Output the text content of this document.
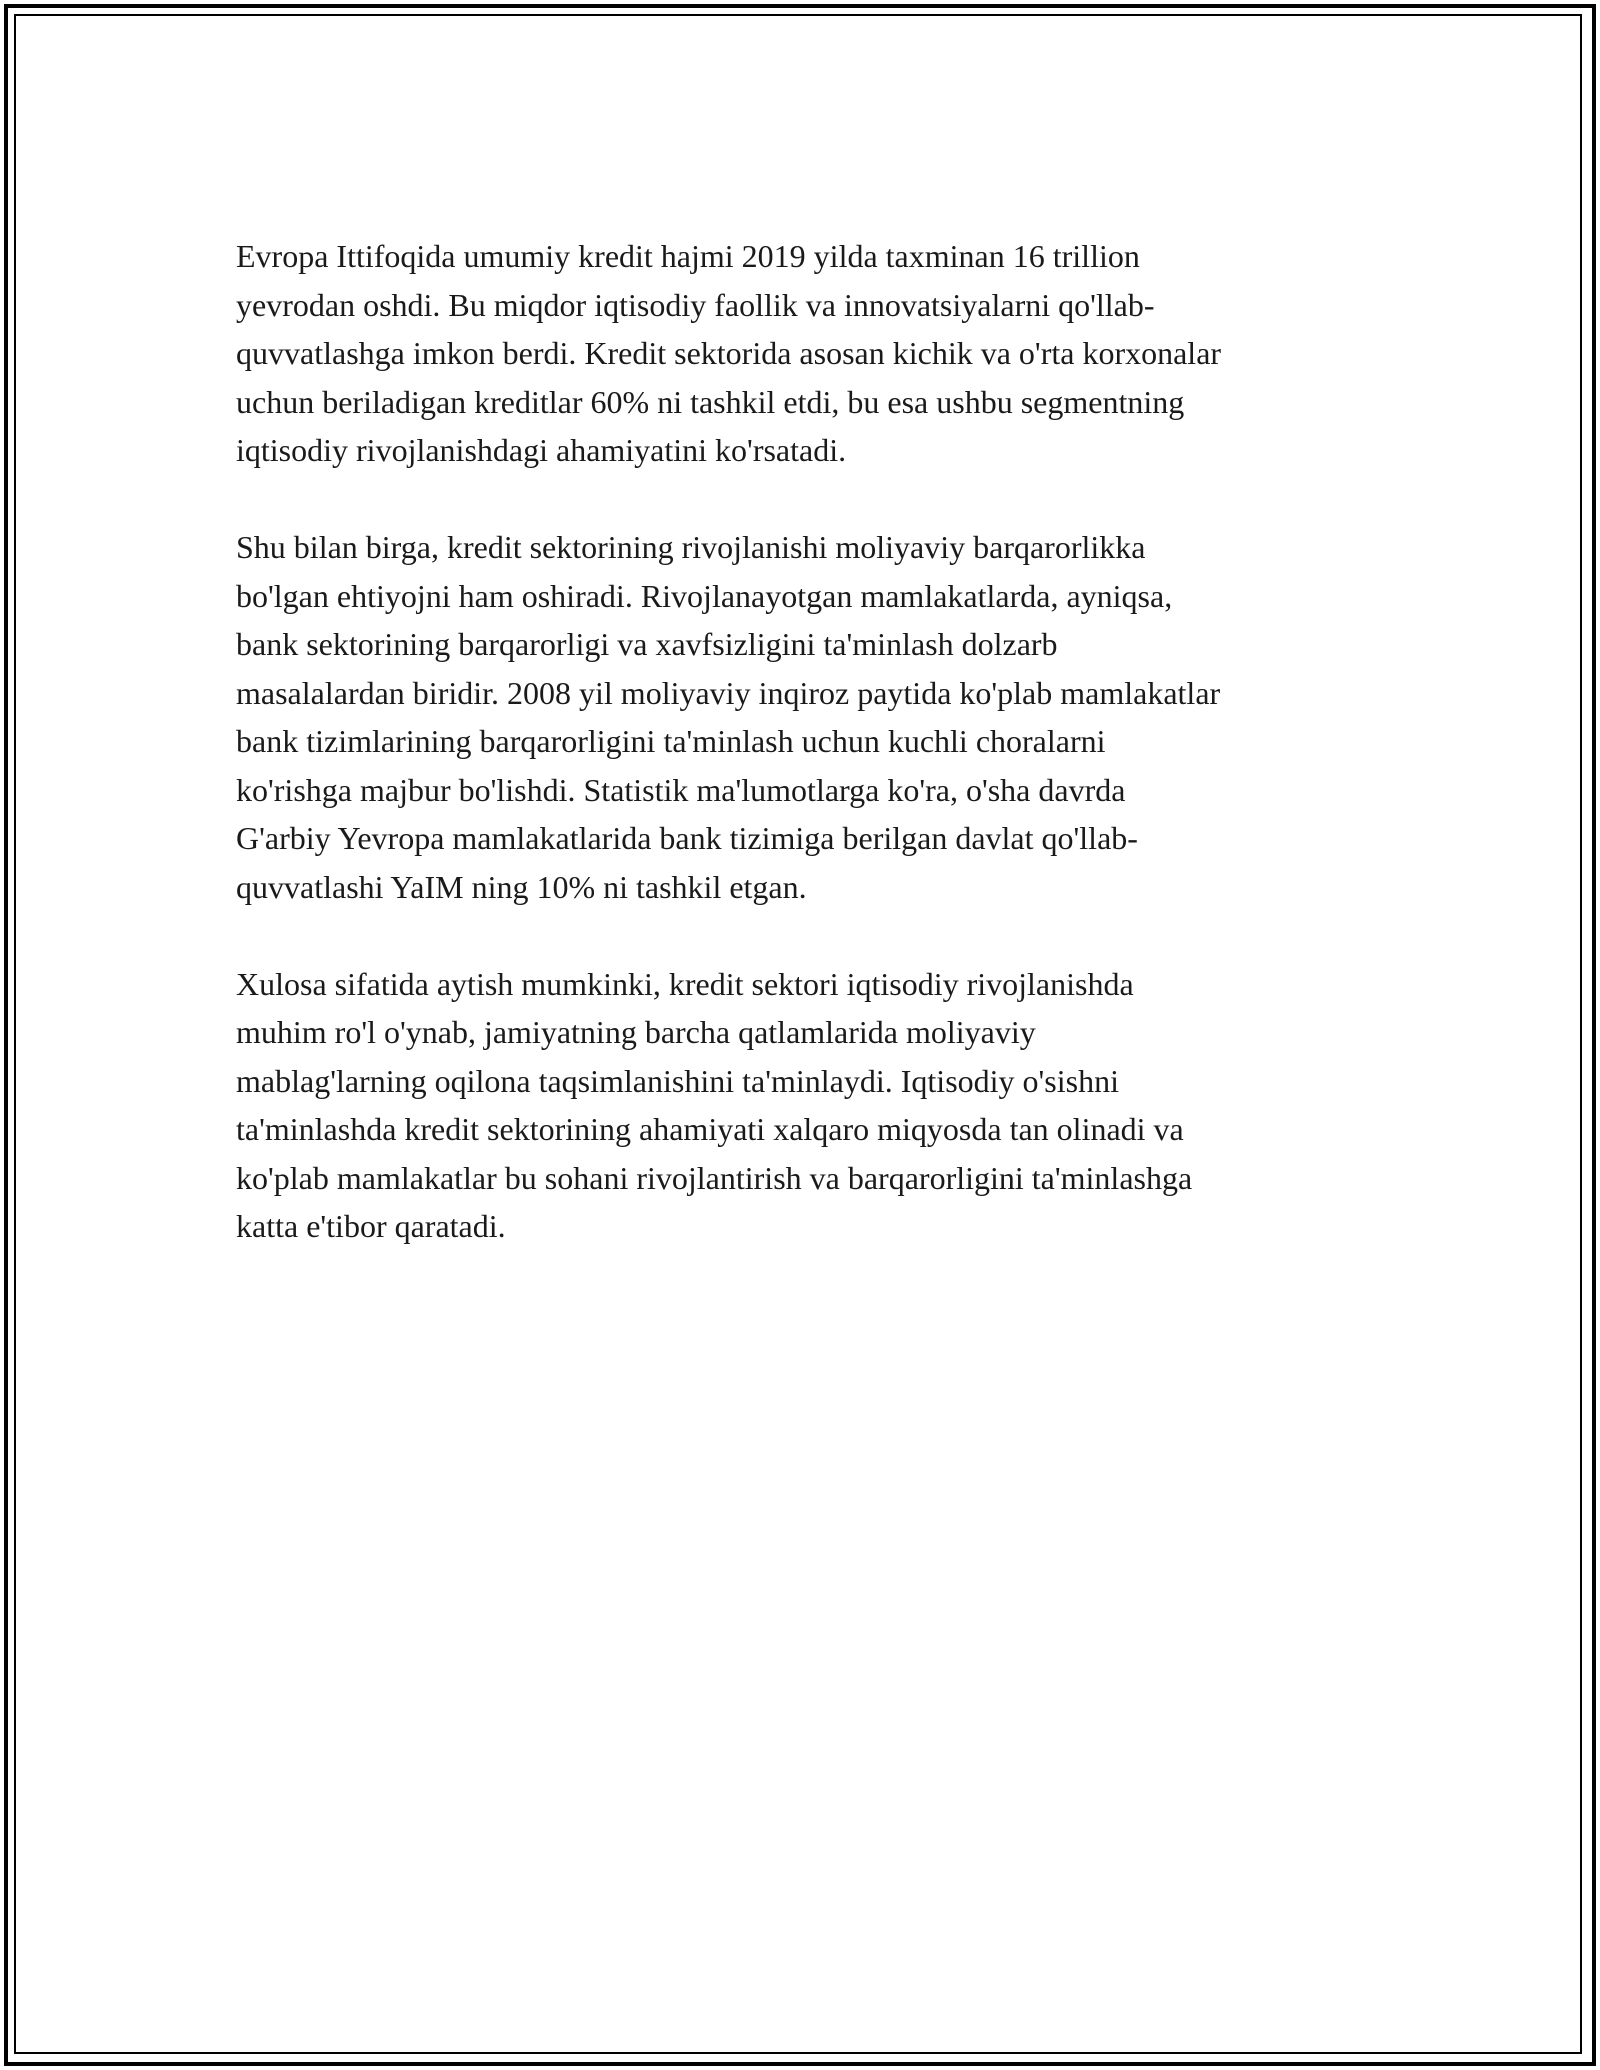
Evropa Ittifoqida umumiy kredit hajmi 2019 yilda taxminan 16 trillion
yevrodan oshdi. Bu miqdor iqtisodiy faollik va innovatsiyalarni qo'llab-
quvvatlashga imkon berdi. Kredit sektorida asosan kichik va o'rta korxonalar
uchun beriladigan kreditlar 60% ni tashkil etdi, bu esa ushbu segmentning
iqtisodiy rivojlanishdagi ahamiyatini ko'rsatadi.

Shu bilan birga, kredit sektorining rivojlanishi moliyaviy barqarorlikka
bo'lgan ehtiyojni ham oshiradi. Rivojlanayotgan mamlakatlarda, ayniqsa,
bank sektorining barqarorligi va xavfsizligini ta'minlash dolzarb
masalalardan biridir. 2008 yil moliyaviy inqiroz paytida ko'plab mamlakatlar
bank tizimlarining barqarorligini ta'minlash uchun kuchli choralarni
ko'rishga majbur bo'lishdi. Statistik ma'lumotlarga ko'ra, o'sha davrda
G'arbiy Yevropa mamlakatlarida bank tizimiga berilgan davlat qo'llab-
quvvatlashi YaIM ning 10% ni tashkil etgan.

Xulosa sifatida aytish mumkinki, kredit sektori iqtisodiy rivojlanishda
muhim ro'l o'ynab, jamiyatning barcha qatlamlarida moliyaviy
mablag'larning oqilona taqsimlanishini ta'minlaydi. Iqtisodiy o'sishni
ta'minlashda kredit sektorining ahamiyati xalqaro miqyosda tan olinadi va
ko'plab mamlakatlar bu sohani rivojlantirish va barqarorligini ta'minlashga
katta e'tibor qaratadi.
